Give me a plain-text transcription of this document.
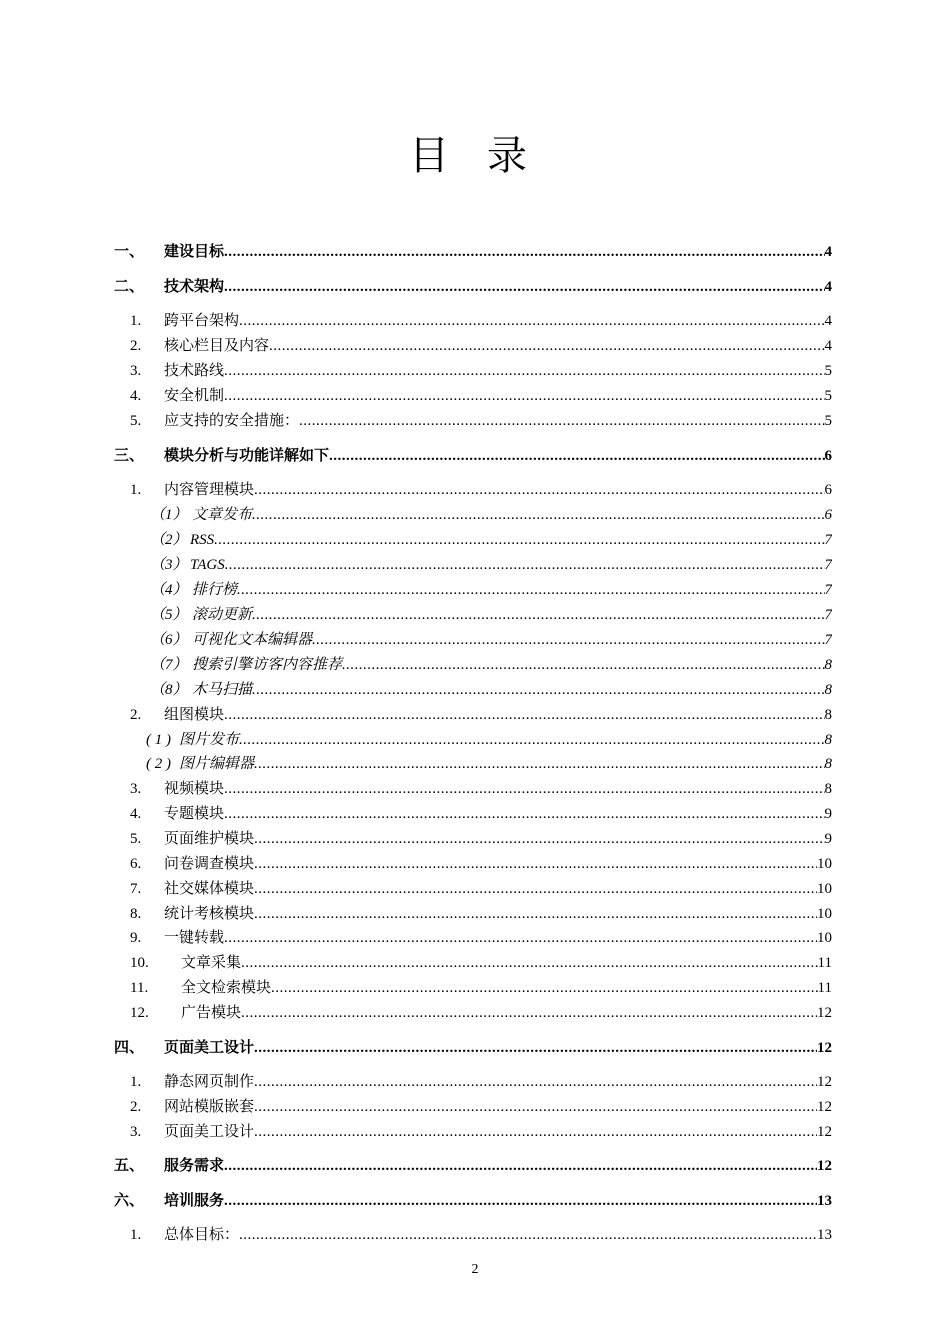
目 录
一、 建设目标 .....	4
二、 技术架构 .....	4
1. 跨平台架构 .....	4
2. 核心栏目及内容 .....	4
3. 技术路线 .....	5
4. 安全机制 .....	5
5. 应支持的安全措施： .....	5
三、 模块分析与功能详解如下 .....	6
1. 内容管理模块 .....	6
（1） 文章发布 .....	6
（2） RSS .....	7
（3） TAGS .....	7
（4） 排行榜 .....	7
（5） 滚动更新 .....	7
（6） 可视化文本编辑器 .....	7
（7） 搜索引擎访客内容推荐 .....	8
（8） 木马扫描 .....	8
2. 组图模块 .....	8
( 1 ) 图片发布 .....	8
( 2 ) 图片编辑器 .....	8
3. 视频模块 .....	8
4. 专题模块 .....	9
5. 页面维护模块 .....	9
6. 问卷调查模块 .....	10
7. 社交媒体模块 .....	10
8. 统计考核模块 .....	10
9. 一键转载 .....	10
10. 文章采集 .....	11
11. 全文检索模块 .....	11
12. 广告模块 .....	12
四、 页面美工设计 .....	12
1. 静态网页制作 .....	12
2. 网站模版嵌套 .....	12
3. 页面美工设计 .....	12
五、 服务需求 .....	12
六、 培训服务 .....	13
1. 总体目标： .....	13
2
